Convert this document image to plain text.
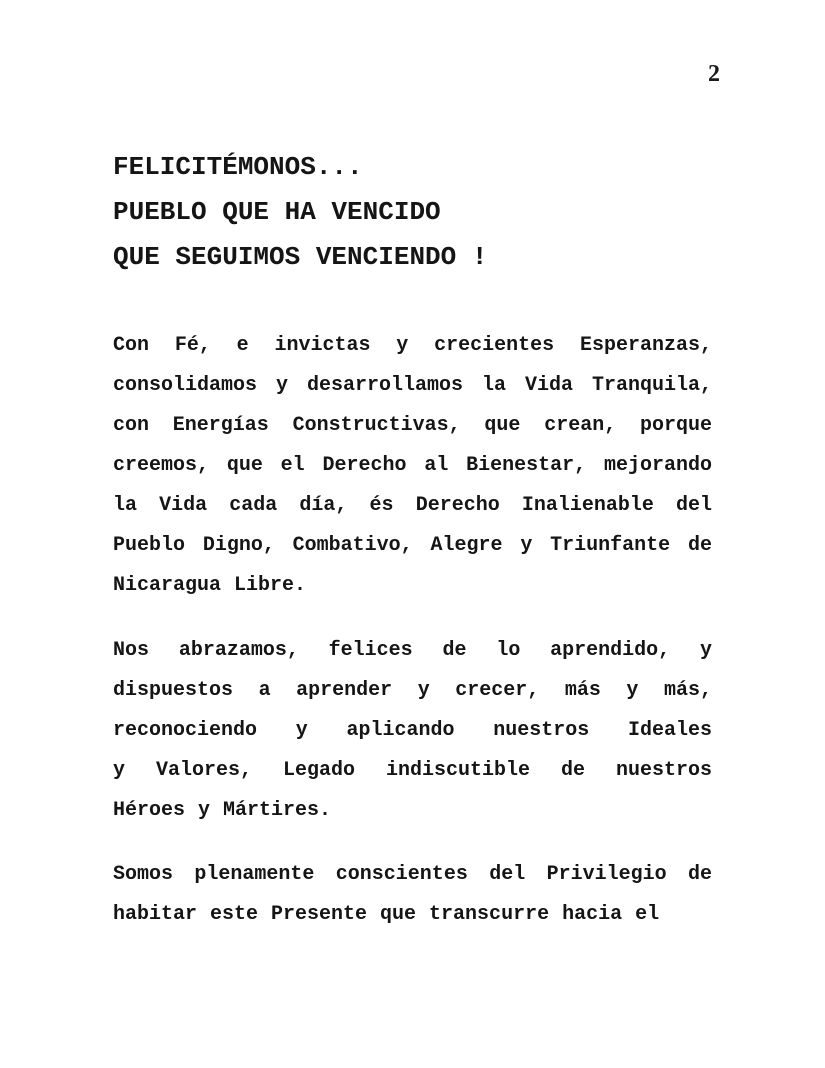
2
FELICITÉMONOS...
PUEBLO QUE HA VENCIDO
QUE SEGUIMOS VENCIENDO !
Con Fé, e invictas y crecientes Esperanzas,
consolidamos y desarrollamos la Vida Tranquila,
con Energías Constructivas, que crean, porque
creemos, que el Derecho al Bienestar, mejorando
la Vida cada día, és Derecho Inalienable del
Pueblo Digno, Combativo, Alegre y Triunfante de
Nicaragua Libre.
Nos abrazamos, felices de lo aprendido, y
dispuestos a aprender y crecer, más y más,
reconociendo y aplicando nuestros Ideales
y Valores, Legado indiscutible de nuestros
Héroes y Mártires.
Somos plenamente conscientes del Privilegio de
habitar este Presente que transcurre hacia el
